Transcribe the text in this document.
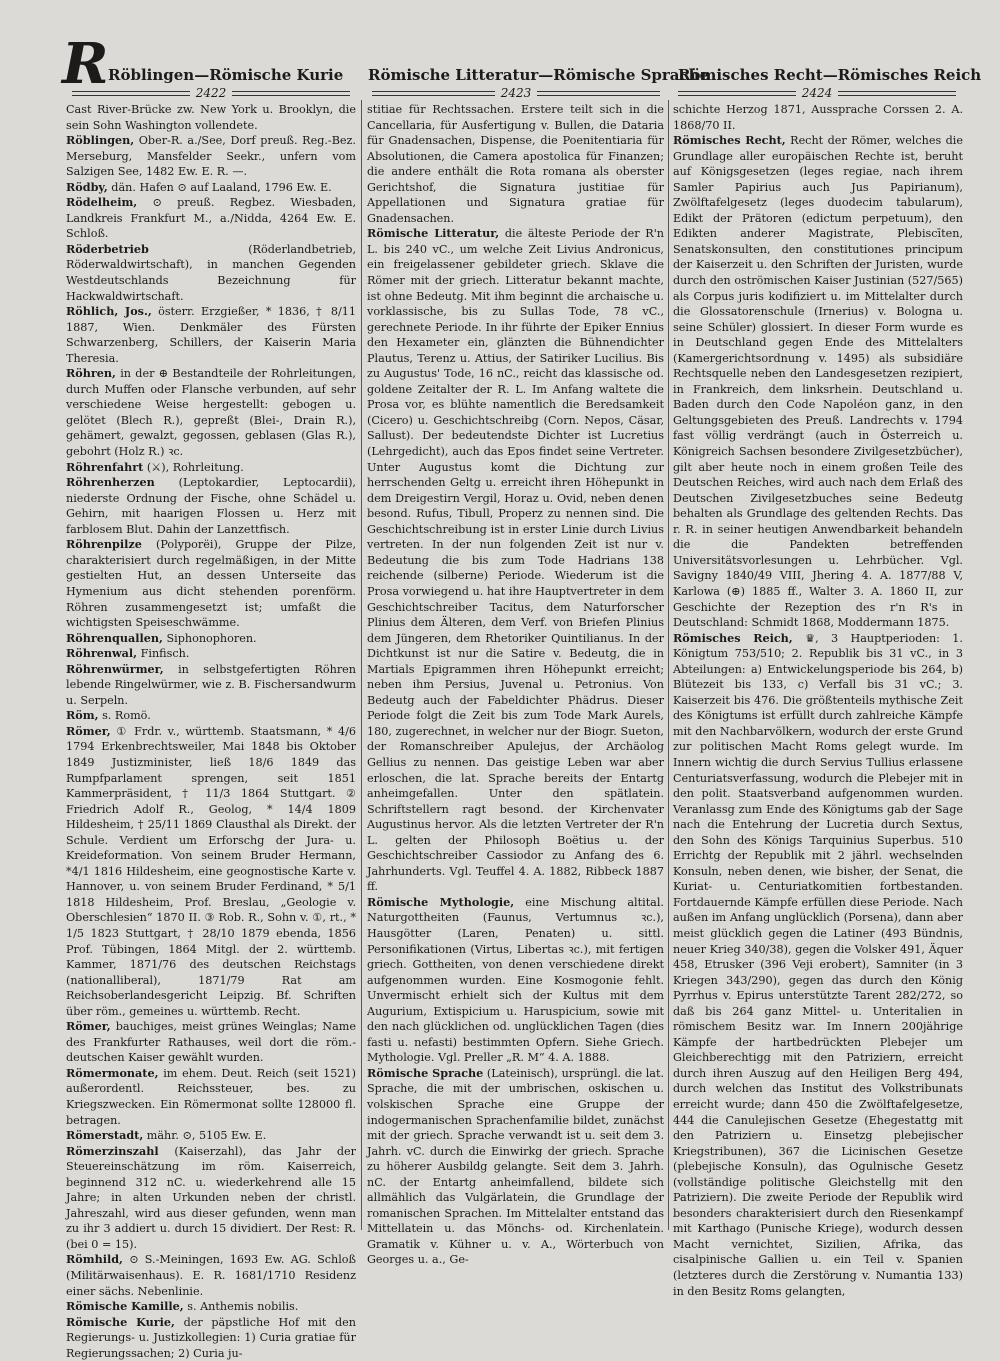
R Röblingen—Römische Kurie Römische Litteratur—Römische Sprache
Römisches Recht—Römisches Reich
2422	2423	2424

Cast River-Brücke zw. New York u. Brooklyn, die sein Sohn Washington vollendete.

Röblingen, Ober-R. a./See, Dorf preuß. Reg.-Bez. Merseburg, Mansfelder Seekr., unfern vom Salzigen See, 1482 Ew. E. R. —.

Rödby, dän. Hafen ⊙ auf Laaland, 1796 Ew. E.

Rödelheim, ⊙ preuß. Regbez. Wiesbaden, Landkreis Frankfurt M., a./Nidda, 4264 Ew. E. Schloß.

Röderbetrieb	(Röderlandbetrieb, Röderwaldwirtschaft), in manchen Gegenden Westdeutschlands Bezeichnung für Hackwaldwirtschaft.

Röhlich, Jos., österr. Erzgießer, * 1836, † 8/11 1887, Wien. Denkmäler des Fürsten Schwarzenberg, Schillers, der Kaiserin Maria Theresia.

Röhren, in der ⊕ Bestandteile der Rohrleitungen, durch Muffen oder Flansche verbunden, auf sehr verschiedene Weise hergestellt: gebogen u. gelötet (Blech R.), gepreßt (Blei-, Drain R.), gehämert, gewalzt, gegossen, geblasen (Glas R.), gebohrt (Holz R.) ꝛc.

Röhrenfahrt (⚔), Rohrleitung.

Röhrenherzen (Leptokardier, Leptocardii), niederste Ordnung der Fische, ohne Schädel u. Gehirn, mit haarigen Flossen u. Herz mit farblosem Blut. Dahin der Lanzettfisch.

Röhrenpilze (Polyporëi), Gruppe der Pilze, charakterisiert durch regelmäßigen, in der Mitte gestielten Hut, an dessen Unterseite das Hymenium aus dicht stehenden porenförm. Röhren zusammengesetzt ist; umfaßt die wichtigsten Speiseschwämme.

Röhrenquallen, Siphonophoren.

Röhrenwal, Finfisch.

Röhrenwürmer, in selbstgefertigten Röhren lebende Ringelwürmer, wie z. B. Fischersandwurm u. Serpeln.

Röm, s. Romö.

Römer, ① Frdr. v., württemb. Staatsmann, * 4/6 1794 Erkenbrechtsweiler, Mai 1848 bis Oktober 1849 Justizminister, ließ 18/6 1849 das Rumpfparlament sprengen, seit 1851 Kammerpräsident, † 11/3 1864 Stuttgart. ② Friedrich Adolf R., Geolog, * 14/4 1809 Hildesheim, † 25/11 1869 Clausthal als Direkt. der Schule. Verdient um Erforschg der Jura- u. Kreideformation. Von seinem Bruder Hermann, *4/1 1816 Hildesheim, eine geognostische Karte v. Hannover, u. von seinem Bruder Ferdinand, * 5/1 1818 Hildesheim, Prof. Breslau, „Geologie v. Oberschlesien“ 1870 II. ③ Rob. R., Sohn v. ①, rt., * 1/5 1823 Stuttgart, † 28/10 1879 ebenda, 1856 Prof. Tübingen, 1864 Mitgl. der 2. württemb. Kammer, 1871/76 des deutschen Reichstags (nationalliberal), 1871/79 Rat am Reichsoberlandesgericht Leipzig. Bf. Schriften über röm., gemeines u. württemb. Recht.

Römer, bauchiges, meist grünes Weinglas; Name des Frankfurter Rathauses, weil dort die röm.-deutschen Kaiser gewählt wurden.

Römermonate, im ehem. Deut. Reich (seit 1521) außerordentl. Reichssteuer, bes. zu Kriegszwecken. Ein Römermonat sollte 128000 fl. betragen.

Römerstadt, mähr. ⊙, 5105 Ew. E.

Römerzinszahl (Kaiserzahl), das Jahr der Steuereinschätzung im röm. Kaiserreich, beginnend 312 nC. u. wiederkehrend alle 15 Jahre; in alten Urkunden neben der christl. Jahreszahl, wird aus dieser gefunden, wenn man zu ihr 3 addiert u. durch 15 dividiert. Der Rest: R. (bei 0 = 15).

Römhild, ⊙ S.-Meiningen, 1693 Ew. AG. Schloß (Militärwaisenhaus). E. R. 1681/1710 Residenz einer sächs. Nebenlinie.

Römische Kamille, s. Anthemis nobilis.

Römische Kurie, der päpstliche Hof mit den Regierungs- u. Justizkollegien: 1) Curia gratiae für Regierungssachen; 2) Curia ju-

stitiae für Rechtssachen. Erstere teilt sich in die Cancellaria, für Ausfertigung v. Bullen, die Dataria für Gnadensachen, Dispense, die Poenitentiaria für Absolutionen, die Camera apostolica für Finanzen; die andere enthält die Rota romana als oberster Gerichtshof, die Signatura justitiae für Appellationen und Signatura gratiae für Gnadensachen.

Römische Litteratur, die älteste Periode der R'n L. bis 240 vC., um welche Zeit Livius Andronicus, ein freigelassener gebildeter griech. Sklave die Römer mit der griech. Litteratur bekannt machte, ist ohne Bedeutg. Mit ihm beginnt die archaische u. vorklassische, bis zu Sullas Tode, 78 vC., gerechnete Periode. In ihr führte der Epiker Ennius den Hexameter ein, glänzten die Bühnendichter Plautus, Terenz u. Attius, der Satiriker Lucilius. Bis zu Augustus' Tode, 16 nC., reicht das klassische od. goldene Zeitalter der R. L. Im Anfang waltete die Prosa vor, es blühte namentlich die Beredsamkeit (Cicero) u. Geschichtschreibg (Corn. Nepos, Cäsar, Sallust). Der bedeutendste Dichter ist Lucretius (Lehrgedicht), auch das Epos findet seine Vertreter. Unter Augustus komt die Dichtung zur herrschenden Geltg u. erreicht ihren Höhepunkt in dem Dreigestirn Vergil, Horaz u. Ovid, neben denen besond. Rufus, Tibull, Properz zu nennen sind. Die Geschichtschreibung ist in erster Linie durch Livius vertreten. In der nun folgenden Zeit ist nur v. Bedeutung die bis zum Tode Hadrians 138 reichende (silberne) Periode. Wiederum ist die Prosa vorwiegend u. hat ihre Hauptvertreter in dem Geschichtschreiber Tacitus, dem Naturforscher Plinius dem Älteren, dem Verf. von Briefen Plinius dem Jüngeren, dem Rhetoriker Quintilianus. In der Dichtkunst ist nur die Satire v. Bedeutg, die in Martials Epigrammen ihren Höhepunkt erreicht; neben ihm Persius, Juvenal u. Petronius. Von Bedeutg auch der Fabeldichter Phädrus. Dieser Periode folgt die Zeit bis zum Tode Mark Aurels, 180, zugerechnet, in welcher nur der Biogr. Sueton, der Romanschreiber Apulejus, der Archäolog Gellius zu nennen. Das geistige Leben war aber erloschen, die lat. Sprache bereits der Entartg anheimgefallen. Unter den spätlatein. Schriftstellern ragt besond. der Kirchenvater Augustinus hervor. Als die letzten Vertreter der R'n L. gelten der Philosoph Boëtius u. der Geschichtschreiber Cassiodor zu Anfang des 6. Jahrhunderts. Vgl. Teuffel 4. A. 1882, Ribbeck 1887 ff.

Römische Mythologie, eine Mischung altital. Naturgottheiten (Faunus, Vertumnus ꝛc.), Hausgötter (Laren, Penaten) u. sittl. Personifikationen (Virtus, Libertas ꝛc.), mit fertigen griech. Gottheiten, von denen verschiedene direkt aufgenommen wurden. Eine Kosmogonie fehlt. Unvermischt erhielt sich der Kultus mit dem Augurium, Extispicium u. Haruspicium, sowie mit den nach glücklichen od. unglücklichen Tagen (dies fasti u. nefasti) bestimmten Opfern. Siehe Griech. Mythologie. Vgl. Preller „R. M“ 4. A. 1888.

Römische Sprache (Lateinisch), ursprüngl. die lat. Sprache, die mit der umbrischen, oskischen u. volskischen Sprache eine Gruppe der indogermanischen Sprachenfamilie bildet, zunächst mit der griech. Sprache verwandt ist u. seit dem 3. Jahrh. vC. durch die Einwirkg der griech. Sprache zu höherer Ausbildg gelangte. Seit dem 3. Jahrh. nC. der Entartg anheimfallend, bildete sich allmählich das Vulgärlatein, die Grundlage der romanischen Sprachen. Im Mittelalter entstand das Mittellatein u. das Mönchs- od. Kirchenlatein. Gramatik v. Kühner u. v. A., Wörterbuch von Georges u. a., Ge-

schichte Herzog 1871, Aussprache Corssen 2. A. 1868/70 II.

Römisches Recht, Recht der Römer, welches die Grundlage aller europäischen Rechte ist, beruht auf Königsgesetzen (leges regiae, nach ihrem Samler Papirius auch Jus Papirianum), Zwölftafelgesetz (leges duodecim tabularum), Edikt der Prätoren (edictum perpetuum), den Edikten anderer Magistrate, Plebiscīten, Senatskonsulten, den constitutiones principum der Kaiserzeit u. den Schriften der Juristen, wurde durch den oströmischen Kaiser Justinian (527/565) als Corpus juris kodifiziert u. im Mittelalter durch die Glossatorenschule (Irnerius) v. Bologna u. seine Schüler) glossiert. In dieser Form wurde es in Deutschland gegen Ende des Mittelalters (Kamergerichtsordnung v. 1495) als subsidiäre Rechtsquelle neben den Landesgesetzen rezipiert, in Frankreich, dem linksrhein. Deutschland u. Baden durch den Code Napoléon ganz, in den Geltungsgebieten des Preuß. Landrechts v. 1794 fast völlig verdrängt (auch in Österreich u. Königreich Sachsen besondere Zivilgesetzbücher), gilt aber heute noch in einem großen Teile des Deutschen Reiches, wird auch nach dem Erlaß des Deutschen Zivilgesetzbuches seine Bedeutg behalten als Grundlage des geltenden Rechts. Das r. R. in seiner heutigen Anwendbarkeit behandeln die die Pandekten betreffenden Universitätsvorlesungen u. Lehrbücher. Vgl. Savigny 1840/49 VIII, Jhering 4. A. 1877/88 V, Karlowa (⊕) 1885 ff., Walter 3. A. 1860 II, zur Geschichte der Rezeption des r'n R's in Deutschland: Schmidt 1868, Moddermann 1875.

Römisches Reich, ♛, 3 Hauptperioden: 1. Königtum 753/510; 2. Republik bis 31 vC., in 3 Abteilungen: a) Entwickelungsperiode bis 264, b) Blütezeit bis 133, c) Verfall bis 31 vC.; 3. Kaiserzeit bis 476. Die größtenteils mythische Zeit des Königtums ist erfüllt durch zahlreiche Kämpfe mit den Nachbarvölkern, wodurch der erste Grund zur politischen Macht Roms gelegt wurde. Im Innern wichtig die durch Servius Tullius erlassene Centuriatsverfassung, wodurch die Plebejer mit in den polit. Staatsverband aufgenommen wurden. Veranlassg zum Ende des Königtums gab der Sage nach die Entehrung der Lucretia durch Sextus, den Sohn des Königs Tarquinius Superbus. 510 Errichtg der Republik mit 2 jährl. wechselnden Konsuln, neben denen, wie bisher, der Senat, die Kuriat- u. Centuriatkomitien fortbestanden. Fortdauernde Kämpfe erfüllen diese Periode. Nach außen im Anfang unglücklich (Porsena), dann aber meist glücklich gegen die Latiner (493 Bündnis, neuer Krieg 340/38), gegen die Volsker 491, Äquer 458, Etrusker (396 Veji erobert), Samniter (in 3 Kriegen 343/290), gegen das durch den König Pyrrhus v. Epirus unterstützte Tarent 282/272, so daß bis 264 ganz Mittel- u. Unteritalien in römischem Besitz war. Im Innern 200jährige Kämpfe der hartbedrückten Plebejer um Gleichberechtigg mit den Patriziern, erreicht durch ihren Auszug auf den Heiligen Berg 494, durch welchen das Institut des Volkstribunats erreicht wurde; dann 450 die Zwölftafelgesetze, 444 die Canulejischen Gesetze (Ehegestattg mit den Patriziern u. Einsetzg plebejischer Kriegstribunen), 367 die Licinischen Gesetze (plebejische Konsuln), das Ogulnische Gesetz (vollständige politische Gleichstellg mit den Patriziern). Die zweite Periode der Republik wird besonders charakterisiert durch den Riesenkampf mit Karthago (Punische Kriege), wodurch dessen Macht vernichtet, Sizilien, Afrika, das cisalpinische Gallien u. ein Teil v. Spanien (letzteres durch die Zerstörung v. Numantia 133) in den Besitz Roms gelangten,
